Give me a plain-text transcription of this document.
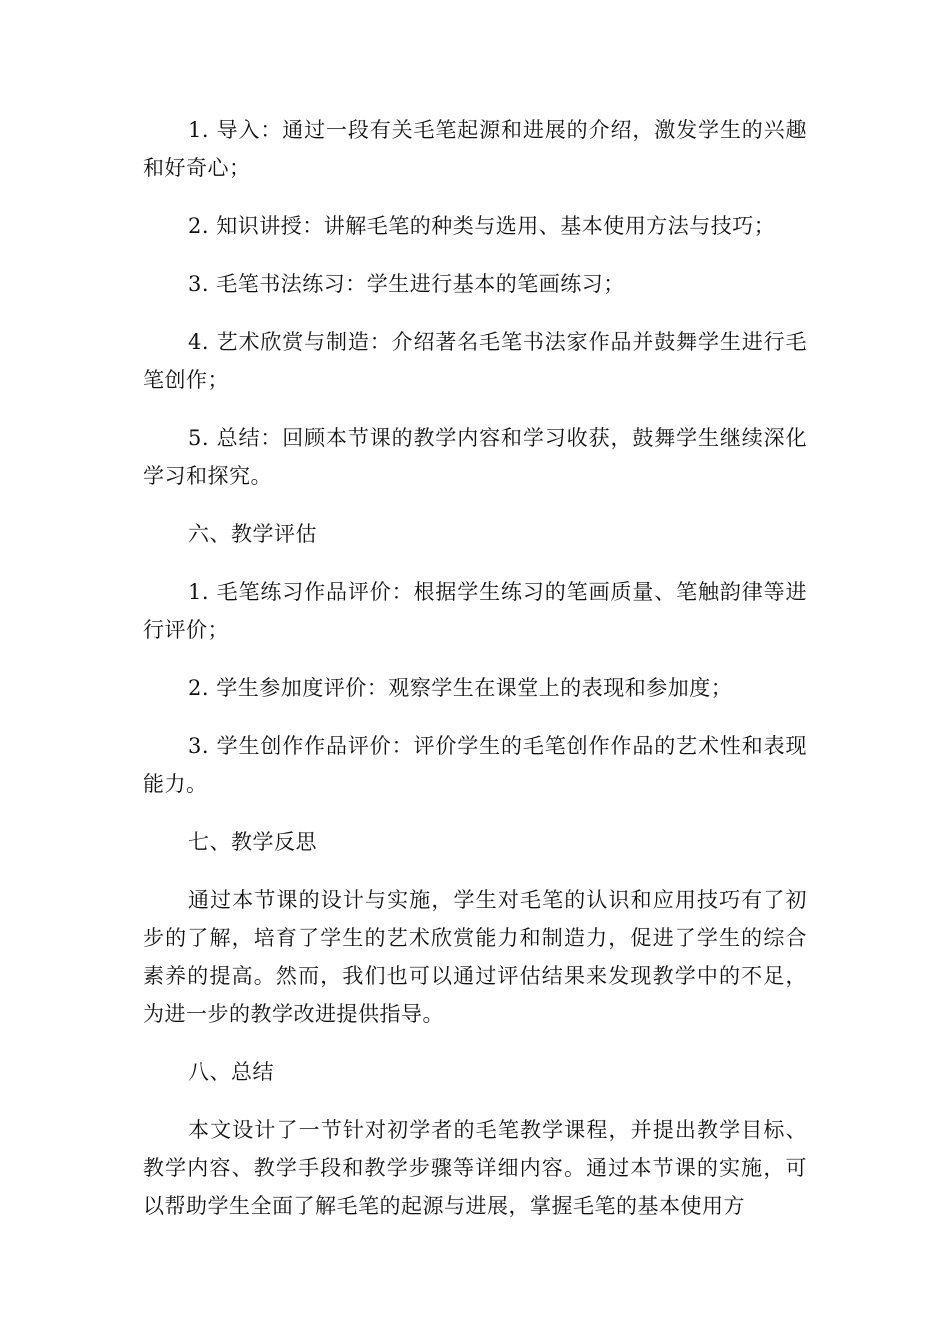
1. 导入：通过一段有关毛笔起源和进展的介绍，激发学生的兴趣和好奇心；

2. 知识讲授：讲解毛笔的种类与选用、基本使用方法与技巧；

3. 毛笔书法练习：学生进行基本的笔画练习；

4. 艺术欣赏与制造：介绍著名毛笔书法家作品并鼓舞学生进行毛笔创作；

5. 总结：回顾本节课的教学内容和学习收获，鼓舞学生继续深化学习和探究。

六、教学评估

1. 毛笔练习作品评价：根据学生练习的笔画质量、笔触韵律等进行评价；

2. 学生参加度评价：观察学生在课堂上的表现和参加度；

3. 学生创作作品评价：评价学生的毛笔创作作品的艺术性和表现能力。

七、教学反思

通过本节课的设计与实施，学生对毛笔的认识和应用技巧有了初步的了解，培育了学生的艺术欣赏能力和制造力，促进了学生的综合素养的提高。然而，我们也可以通过评估结果来发现教学中的不足，为进一步的教学改进提供指导。

八、总结

本文设计了一节针对初学者的毛笔教学课程，并提出教学目标、教学内容、教学手段和教学步骤等详细内容。通过本节课的实施，可以帮助学生全面了解毛笔的起源与进展，掌握毛笔的基本使用方
